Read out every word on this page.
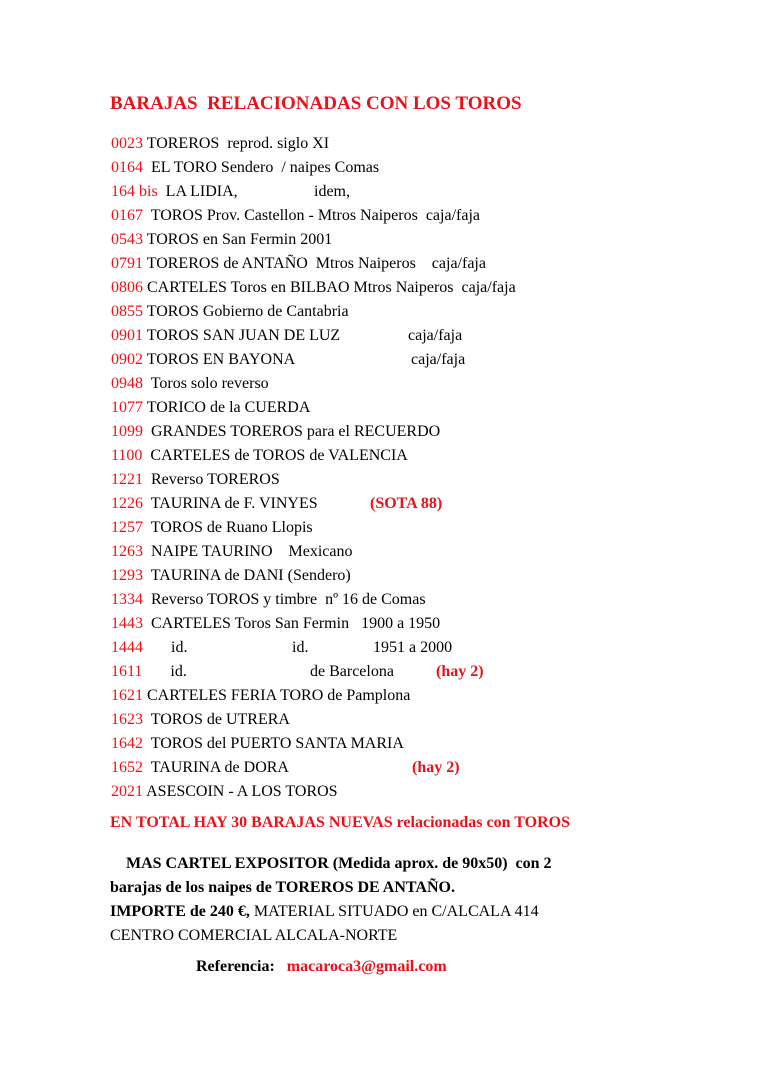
BARAJAS  RELACIONADAS CON LOS TOROS
0023 TOREROS  reprod. siglo XI
0164  EL TORO Sendero  / naipes Comas
164 bis  LA LIDIA,	idem,
0167  TOROS Prov. Castellon - Mtros Naiperos  caja/faja
0543 TOROS en San Fermin 2001
0791 TOREROS de ANTAÑO  Mtros Naiperos    caja/faja
0806 CARTELES Toros en BILBAO Mtros Naiperos  caja/faja
0855 TOROS Gobierno de Cantabria
0901 TOROS SAN JUAN DE LUZ	caja/faja
0902 TOROS EN BAYONA	caja/faja
0948  Toros solo reverso
1077 TORICO de la CUERDA
1099  GRANDES TOREROS para el RECUERDO
1100  CARTELES de TOROS de VALENCIA
1221  Reverso TOREROS
1226  TAURINA de F. VINYES	(SOTA 88)
1257  TOROS de Ruano Llopis
1263  NAIPE TAURINO    Mexicano
1293  TAURINA de DANI (Sendero)
1334  Reverso TOROS y timbre  nº 16 de Comas
1443  CARTELES Toros San Fermin   1900 a 1950
1444       id.	id.	1951 a 2000
1611       id.	de Barcelona	(hay 2)
1621 CARTELES FERIA TORO de Pamplona
1623  TOROS de UTRERA
1642  TOROS del PUERTO SANTA MARIA
1652  TAURINA de DORA	(hay 2)
2021 ASESCOIN - A LOS TOROS
EN TOTAL HAY 30 BARAJAS NUEVAS relacionadas con TOROS
MAS CARTEL EXPOSITOR (Medida aprox. de 90x50)  con 2
barajas de los naipes de TOREROS DE ANTAÑO.
IMPORTE de 240 €, MATERIAL SITUADO en C/ALCALA 414
CENTRO COMERCIAL ALCALA-NORTE
Referencia: macaroca3@gmail.com
